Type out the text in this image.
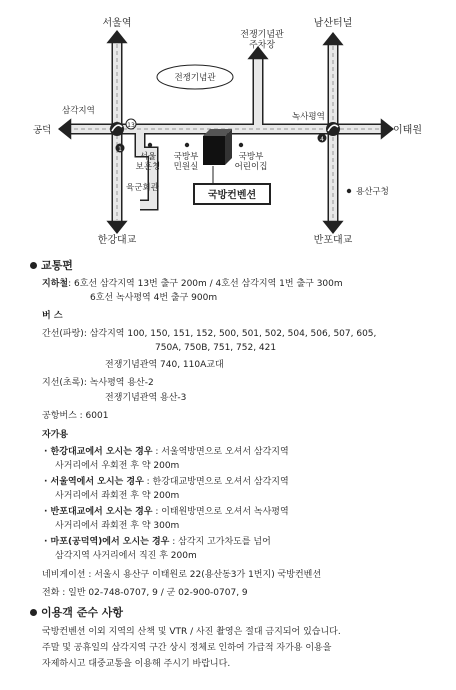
13
1
4
전쟁기념관
국방컨벤션
서울역	남산터널
전쟁기념관 주차장
삼각지역
공덕
녹사평역
이태원
서울 보훈청
국방부 민원실
국방부 어린이집
육군회관	용산구청
한강대교	반포대교
교통편
지하철: 6호선 삼각지역 13번 출구 200m / 4호선 삼각지역 1번 출구 300m
6호선 녹사평역 4번 출구 900m
버 스
간선(파랑): 삼각지역 100, 150, 151, 152, 500, 501, 502, 504, 506, 507, 605,
750A, 750B, 751, 752, 421
전쟁기념관역 740, 110A교대
지선(초록): 녹사평역 용산-2
전쟁기념관역 용산-3
공항버스 : 6001
자가용
· 한강대교에서 오시는 경우 : 서울역방면으로 오셔서 삼각지역
사거리에서 우회전 후 약 200m
· 서울역에서 오시는 경우 : 한강대교방면으로 오셔서 삼각지역
사거리에서 좌회전 후 약 200m
· 반포대교에서 오시는 경우 : 이태원방면으로 오셔서 녹사평역
사거리에서 좌회전 후 약 300m
· 마포(공덕역)에서 오시는 경우 : 삼각지 고가차도를 넘어
삼각지역 사거리에서 직진 후 200m
네비게이션 : 서울시 용산구 이태원로 22(용산동3가 1번지) 국방컨벤션
전화 : 일반 02-748-0707, 9 / 군 02-900-0707, 9
이용객 준수 사항
국방컨벤션 이외 지역의 산책 및 VTR / 사진 촬영은 절대 금지되어 있습니다.
주말 및 공휴일의 삼각지역 구간 상시 정체로 인하여 가급적 자가용 이용을
자제하시고 대중교통을 이용해 주시기 바랍니다.
